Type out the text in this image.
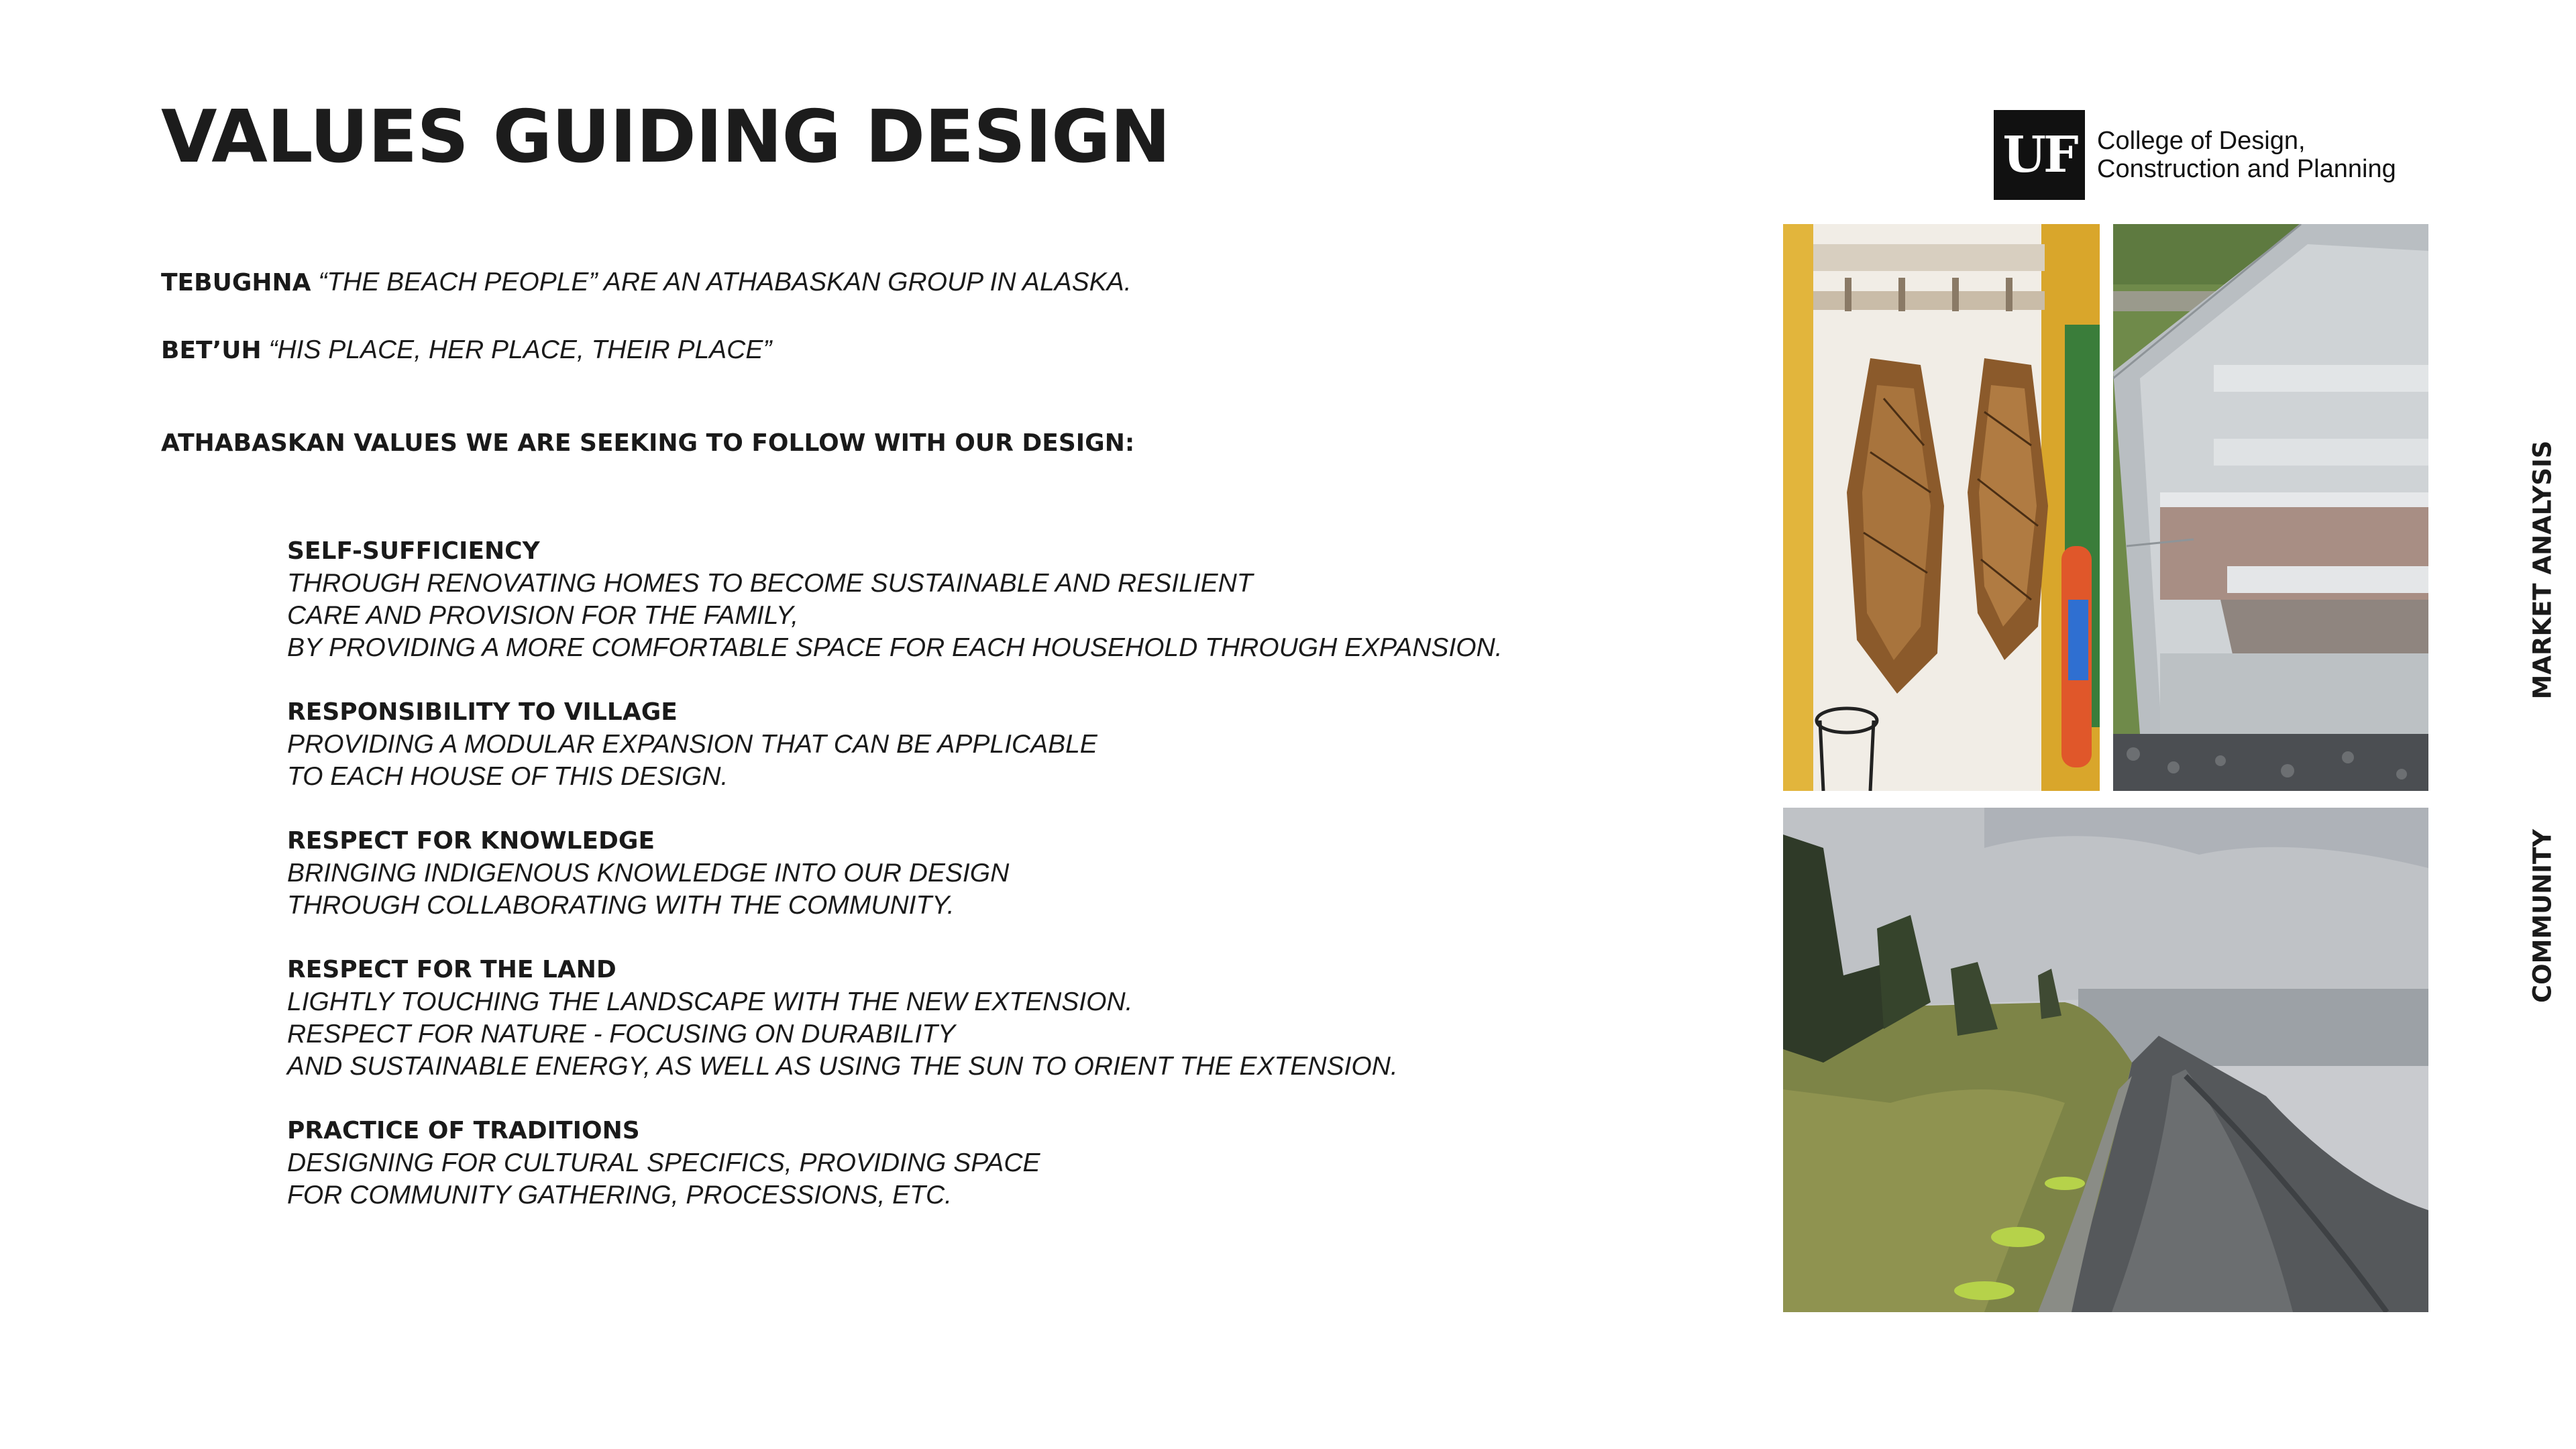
VALUES GUIDING DESIGN

TEBUGHNA “THE BEACH PEOPLE” ARE AN ATHABASKAN GROUP IN ALASKA.

BET’UH “HIS PLACE, HER PLACE, THEIR PLACE”

ATHABASKAN VALUES WE ARE SEEKING TO FOLLOW WITH OUR DESIGN:
SELF-SUFFICIENCY
THROUGH RENOVATING HOMES TO BECOME SUSTAINABLE AND RESILIENT
CARE AND PROVISION FOR THE FAMILY,
BY PROVIDING A MORE COMFORTABLE SPACE FOR EACH HOUSEHOLD THROUGH EXPANSION.
RESPONSIBILITY TO VILLAGE
PROVIDING A MODULAR EXPANSION THAT CAN BE APPLICABLE
TO EACH HOUSE OF THIS DESIGN.
RESPECT FOR KNOWLEDGE
BRINGING INDIGENOUS KNOWLEDGE INTO OUR DESIGN
THROUGH COLLABORATING WITH THE COMMUNITY.
RESPECT FOR THE LAND
LIGHTLY TOUCHING THE LANDSCAPE WITH THE NEW EXTENSION.
RESPECT FOR NATURE - FOCUSING ON DURABILITY
AND SUSTAINABLE ENERGY, AS WELL AS USING THE SUN TO ORIENT THE EXTENSION.
PRACTICE OF TRADITIONS
DESIGNING FOR CULTURAL SPECIFICS, PROVIDING SPACE
FOR COMMUNITY GATHERING, PROCESSIONS, ETC.
UF College of Design,
Construction and Planning
MARKET ANALYSIS
COMMUNITY
